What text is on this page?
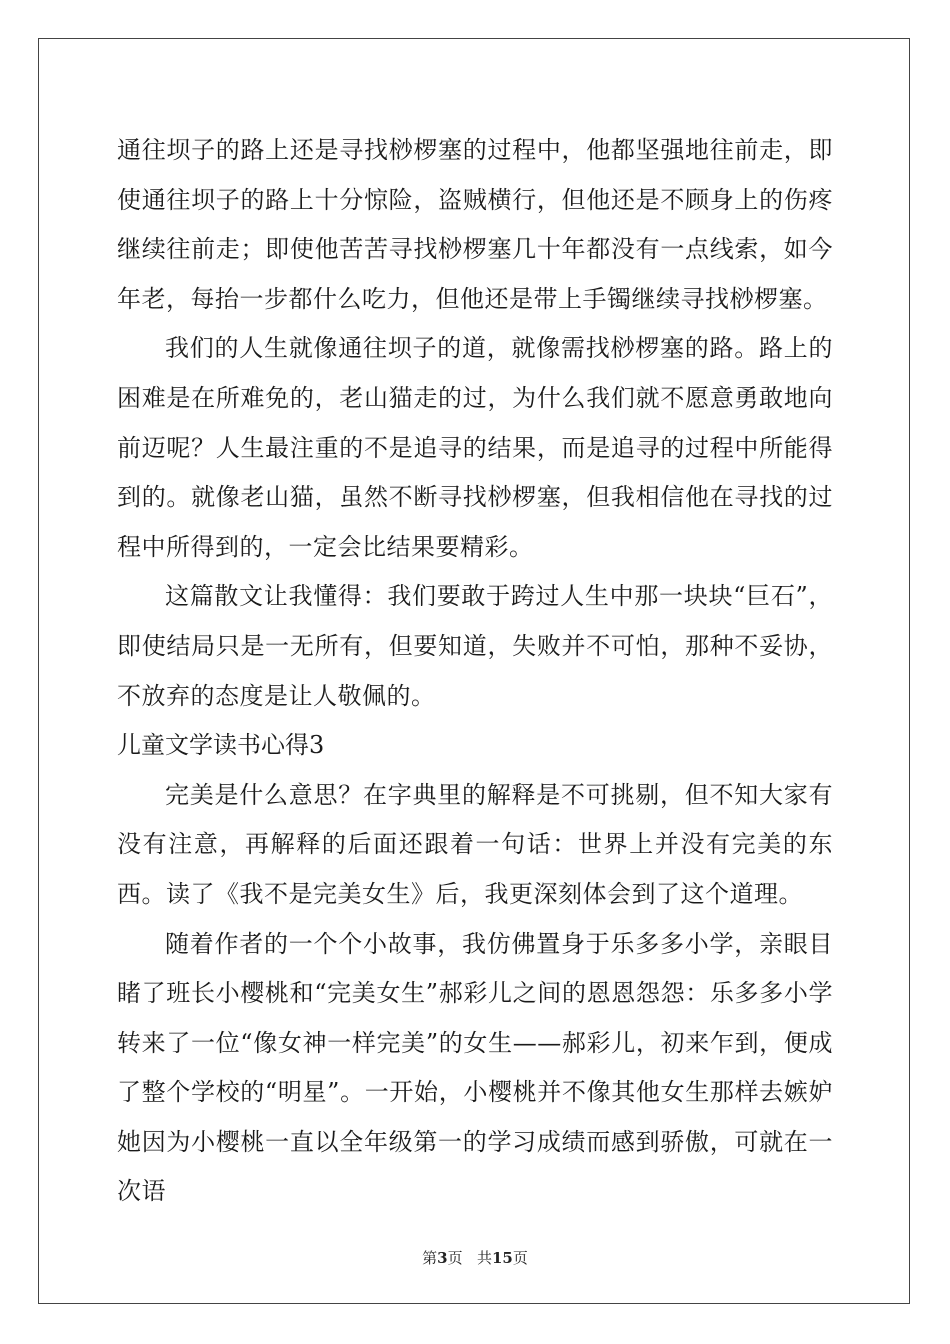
通往坝子的路上还是寻找桫椤塞的过程中，他都坚强地往前走，即使通往坝子的路上十分惊险，盗贼横行，但他还是不顾身上的伤疼继续往前走；即使他苦苦寻找桫椤塞几十年都没有一点线索，如今年老，每抬一步都什么吃力，但他还是带上手镯继续寻找桫椤塞。

我们的人生就像通往坝子的道，就像需找桫椤塞的路。路上的困难是在所难免的，老山猫走的过，为什么我们就不愿意勇敢地向前迈呢？人生最注重的不是追寻的结果，而是追寻的过程中所能得到的。就像老山猫，虽然不断寻找桫椤塞，但我相信他在寻找的过程中所得到的，一定会比结果要精彩。

这篇散文让我懂得：我们要敢于跨过人生中那一块块“巨石”，即使结局只是一无所有，但要知道，失败并不可怕，那种不妥协，不放弃的态度是让人敬佩的。

儿童文学读书心得3

完美是什么意思？在字典里的解释是不可挑剔，但不知大家有没有注意，再解释的后面还跟着一句话：世界上并没有完美的东西。读了《我不是完美女生》后，我更深刻体会到了这个道理。

随着作者的一个个小故事，我仿佛置身于乐多多小学，亲眼目睹了班长小樱桃和“完美女生”郝彩儿之间的恩恩怨怨：乐多多小学转来了一位“像女神一样完美”的女生——郝彩儿，初来乍到，便成了整个学校的“明星”。一开始，小樱桃并不像其他女生那样去嫉妒她因为小樱桃一直以全年级第一的学习成绩而感到骄傲，可就在一次语

第3页 共15页
